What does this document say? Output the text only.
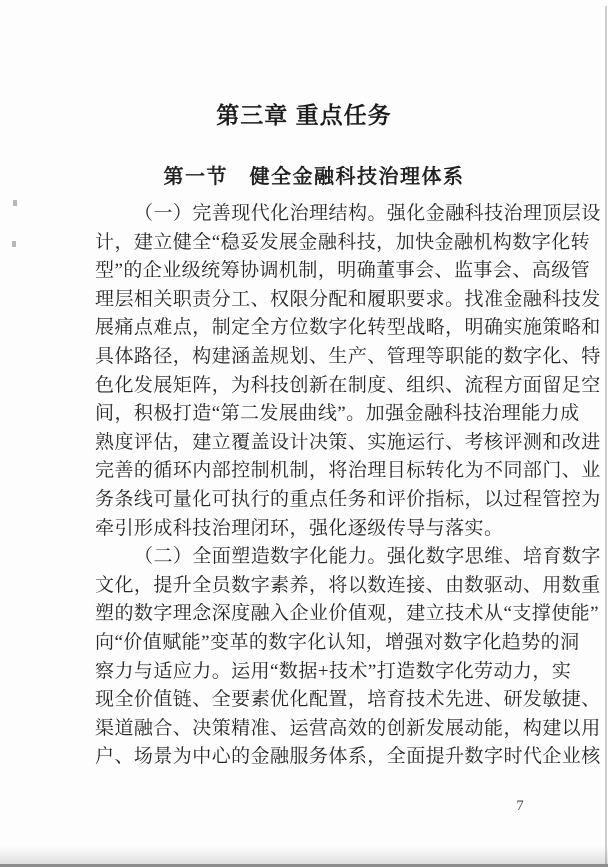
第三章 重点任务
第一节　健全金融科技治理体系
（一）完善现代化治理结构。强化金融科技治理顶层设
计，建立健全“稳妥发展金融科技，加快金融机构数字化转
型”的企业级统筹协调机制，明确董事会、监事会、高级管
理层相关职责分工、权限分配和履职要求。找准金融科技发
展痛点难点，制定全方位数字化转型战略，明确实施策略和
具体路径，构建涵盖规划、生产、管理等职能的数字化、特
色化发展矩阵，为科技创新在制度、组织、流程方面留足空
间，积极打造“第二发展曲线”。加强金融科技治理能力成
熟度评估，建立覆盖设计决策、实施运行、考核评测和改进
完善的循环内部控制机制，将治理目标转化为不同部门、业
务条线可量化可执行的重点任务和评价指标，以过程管控为
牵引形成科技治理闭环，强化逐级传导与落实。
（二）全面塑造数字化能力。强化数字思维、培育数字
文化，提升全员数字素养，将以数连接、由数驱动、用数重
塑的数字理念深度融入企业价值观，建立技术从“支撑使能”
向“价值赋能”变革的数字化认知，增强对数字化趋势的洞
察力与适应力。运用“数据+技术”打造数字化劳动力，实
现全价值链、全要素优化配置，培育技术先进、研发敏捷、
渠道融合、决策精准、运营高效的创新发展动能，构建以用
户、场景为中心的金融服务体系，全面提升数字时代企业核
7
